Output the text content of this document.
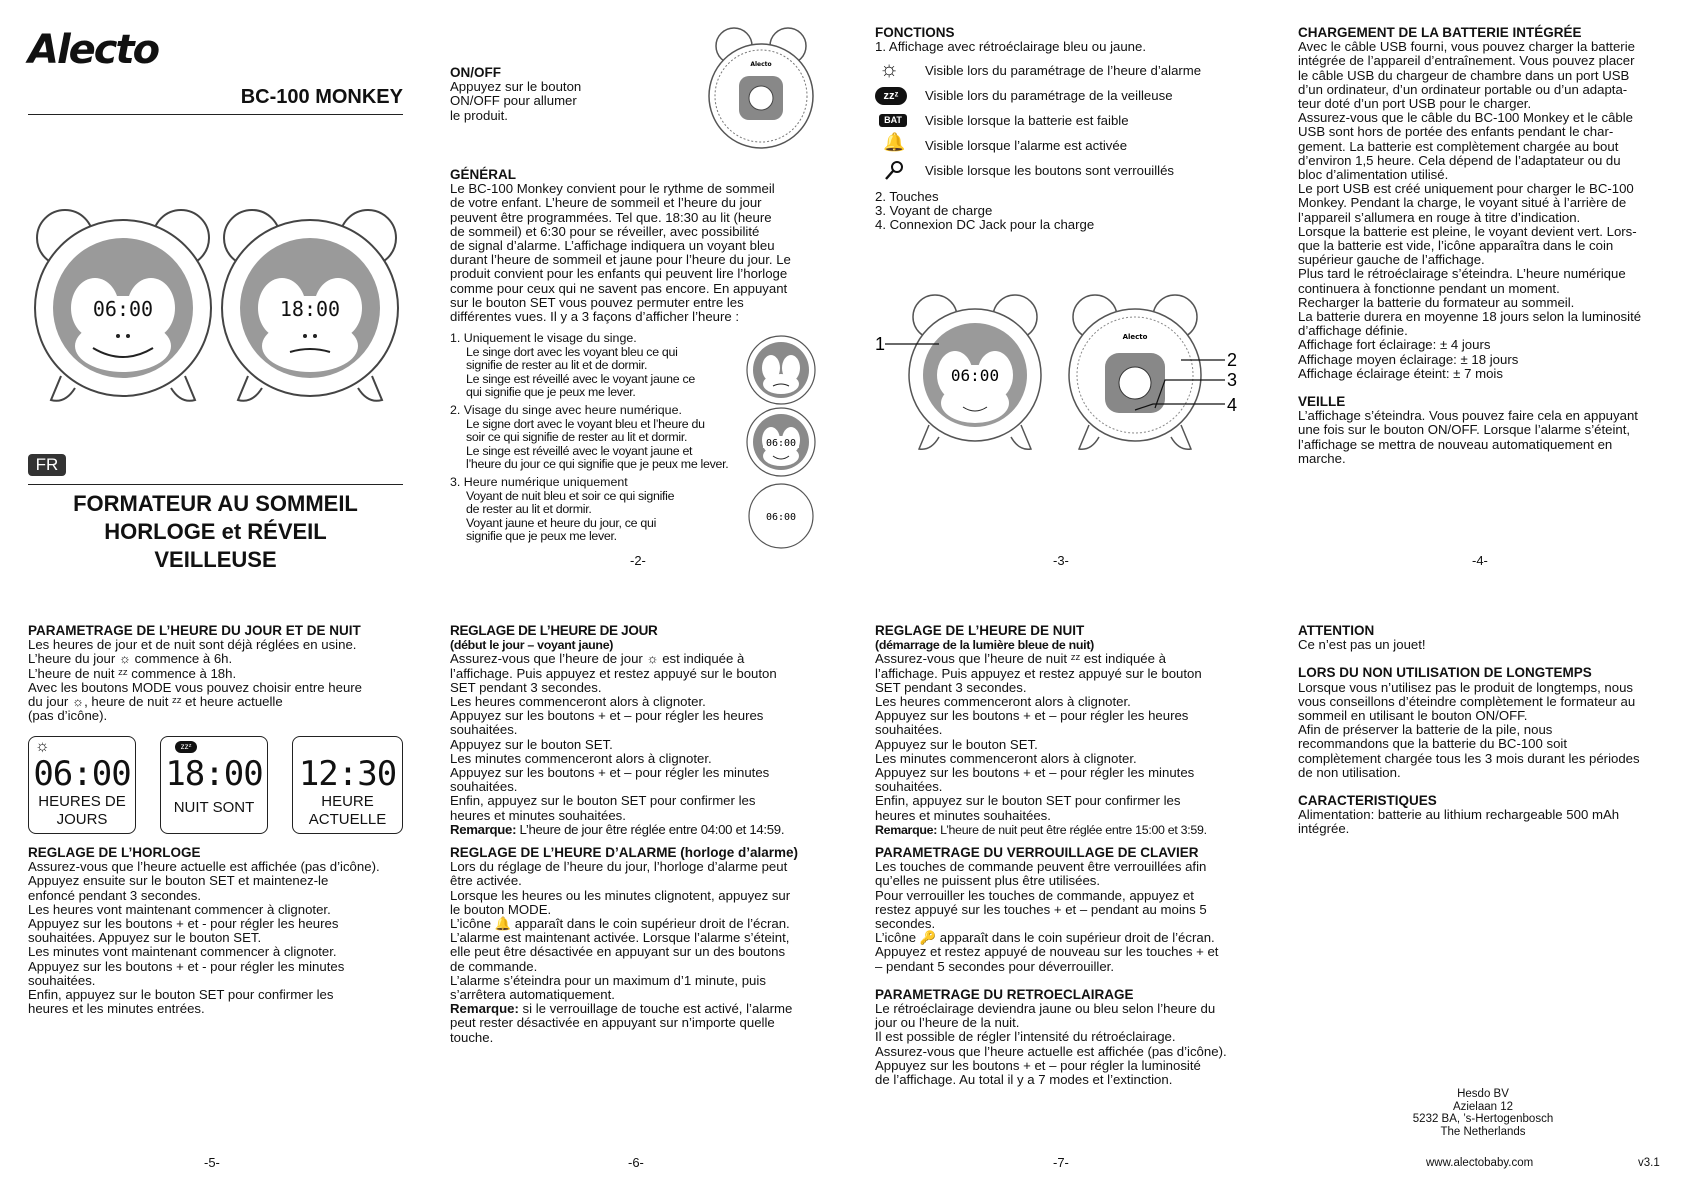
Alecto
BC-100 MONKEY
06:00	18:00
FR
FORMATEUR AU SOMMEIL
HORLOGE et RÉVEIL
VEILLEUSE
Alecto
ON/OFF
Appuyez sur le bouton
ON/OFF pour allumer
le produit.
GÉNÉRAL
Le BC-100 Monkey convient pour le rythme de sommeil
de votre enfant. L’heure de sommeil et l’heure du jour
peuvent être programmées. Tel que. 18:30 au lit (heure
de sommeil) et 6:30 pour se réveiller, avec possibilité
de signal d’alarme. L’affichage indiquera un voyant bleu
durant l’heure de sommeil et jaune pour l’heure du jour. Le
produit convient pour les enfants qui peuvent lire l’horloge
comme pour ceux qui ne savent pas encore. En appuyant
sur le bouton SET vous pouvez permuter entre les
différentes vues. Il y a 3 façons d’afficher l’heure :
1. Uniquement le visage du singe.
Le singe dort avec les voyant bleu ce qui
signifie de rester au lit et de dormir.
Le singe est réveillé avec le voyant jaune ce
qui signifie que je peux me lever.
2. Visage du singe avec heure numérique.
Le signe dort avec le voyant bleu et l’heure du
soir ce qui signifie de rester au lit et dormir.
Le singe est réveillé avec le voyant jaune et
l’heure du jour ce qui signifie que je peux me lever.
3. Heure numérique uniquement
Voyant de nuit bleu et soir ce qui signifie
de rester au lit et dormir.
Voyant jaune et heure du jour, ce qui
signifie que je peux me lever.
06:00
06:00
-2-
FONCTIONS
1. Affichage avec rétroéclairage bleu ou jaune.
☼ Visible lors du paramétrage de l’heure d’alarme
zzᶻ	Visible lors du paramétrage de la veilleuse
BAT	Visible lorsque la batterie est faible
🔔 Visible lorsque l’alarme est activée
Visible lorsque les boutons sont verrouillés
2. Touches
3. Voyant de charge
4. Connexion DC Jack pour la charge
06:00
1	Alecto
2
3
4
-3-
CHARGEMENT DE LA BATTERIE INTÉGRÉE
Avec le câble USB fourni, vous pouvez charger la batterie
intégrée de l’appareil d’entraînement. Vous pouvez placer
le câble USB du chargeur de chambre dans un port USB
d’un ordinateur, d’un ordinateur portable ou d’un adapta-
teur doté d’un port USB pour le charger.
Assurez-vous que le câble du BC-100 Monkey et le câble
USB sont hors de portée des enfants pendant le char-
gement. La batterie est complètement chargée au bout
d’environ 1,5 heure. Cela dépend de l’adaptateur ou du
bloc d’alimentation utilisé.
Le port USB est créé uniquement pour charger le BC-100
Monkey. Pendant la charge, le voyant situé à l’arrière de
l’appareil s’allumera en rouge à titre d’indication.
Lorsque la batterie est pleine, le voyant devient vert. Lors-
que la batterie est vide, l’icône apparaîtra dans le coin
supérieur gauche de l’affichage.
Plus tard le rétroéclairage s’éteindra. L’heure numérique
continuera à fonctionne pendant un moment.
Recharger la batterie du formateur au sommeil.
La batterie durera en moyenne 18 jours selon la luminosité
d’affichage définie.
Affichage fort éclairage: ± 4 jours
Affichage moyen éclairage: ± 18 jours
Affichage éclairage éteint: ± 7 mois
VEILLE
L’affichage s’éteindra. Vous pouvez faire cela en appuyant
une fois sur le bouton ON/OFF. Lorsque l’alarme s’éteint,
l’affichage se mettra de nouveau automatiquement en
marche.
-4-
PARAMETRAGE DE L’HEURE DU JOUR ET DE NUIT
Les heures de jour et de nuit sont déjà réglées en usine.
L’heure du jour ☼ commence à 6h.
L’heure de nuit ᶻᶻ commence à 18h.
Avec les boutons MODE vous pouvez choisir entre heure
du jour ☼, heure de nuit ᶻᶻ et heure actuelle
(pas d’icône).
☼
06:00
HEURES DE
JOURS
zzᶻ
18:00
NUIT SONT
12:30
HEURE
ACTUELLE
REGLAGE DE L’HORLOGE
Assurez-vous que l’heure actuelle est affichée (pas d’icône).
Appuyez ensuite sur le bouton SET et maintenez-le
enfoncé pendant 3 secondes.
Les heures vont maintenant commencer à clignoter.
Appuyez sur les boutons + et - pour régler les heures
souhaitées. Appuyez sur le bouton SET.
Les minutes vont maintenant commencer à clignoter.
Appuyez sur les boutons + et - pour régler les minutes
souhaitées.
Enfin, appuyez sur le bouton SET pour confirmer les
heures et les minutes entrées.
-5-
REGLAGE DE L’HEURE DE JOUR
(début le jour – voyant jaune)
Assurez-vous que l’heure de jour ☼ est indiquée à
l’affichage. Puis appuyez et restez appuyé sur le bouton
SET pendant 3 secondes.
Les heures commenceront alors à clignoter.
Appuyez sur les boutons + et – pour régler les heures
souhaitées.
Appuyez sur le bouton SET.
Les minutes commenceront alors à clignoter.
Appuyez sur les boutons + et – pour régler les minutes
souhaitées.
Enfin, appuyez sur le bouton SET pour confirmer les
heures et minutes souhaitées.
Remarque: L’heure de jour être réglée entre 04:00 et 14:59.
REGLAGE DE L’HEURE D’ALARME (horloge d’alarme)
Lors du réglage de l’heure du jour, l’horloge d’alarme peut
être activée.
Lorsque les heures ou les minutes clignotent, appuyez sur
le bouton MODE.
L’icône 🔔 apparaît dans le coin supérieur droit de l’écran.
L’alarme est maintenant activée. Lorsque l’alarme s’éteint,
elle peut être désactivée en appuyant sur un des boutons
de commande.
L’alarme s’éteindra pour un maximum d’1 minute, puis
s’arrêtera automatiquement.
Remarque: si le verrouillage de touche est activé, l’alarme
peut rester désactivée en appuyant sur n’importe quelle
touche.
-6-
REGLAGE DE L’HEURE DE NUIT
(démarrage de la lumière bleue de nuit)
Assurez-vous que l’heure de nuit ᶻᶻ est indiquée à
l’affichage. Puis appuyez et restez appuyé sur le bouton
SET pendant 3 secondes.
Les heures commenceront alors à clignoter.
Appuyez sur les boutons + et – pour régler les heures
souhaitées.
Appuyez sur le bouton SET.
Les minutes commenceront alors à clignoter.
Appuyez sur les boutons + et – pour régler les minutes
souhaitées.
Enfin, appuyez sur le bouton SET pour confirmer les
heures et minutes souhaitées.
Remarque: L’heure de nuit peut être réglée entre 15:00 et 3:59.
PARAMETRAGE DU VERROUILLAGE DE CLAVIER
Les touches de commande peuvent être verrouillées afin
qu’elles ne puissent plus être utilisées.
Pour verrouiller les touches de commande, appuyez et
restez appuyé sur les touches + et – pendant au moins 5
secondes.
L’icône 🔑 apparaît dans le coin supérieur droit de l’écran.
Appuyez et restez appuyé de nouveau sur les touches + et
– pendant 5 secondes pour déverrouiller.
PARAMETRAGE DU RETROECLAIRAGE
Le rétroéclairage deviendra jaune ou bleu selon l’heure du
jour ou l’heure de la nuit.
Il est possible de régler l’intensité du rétroéclairage.
Assurez-vous que l’heure actuelle est affichée (pas d’icône).
Appuyez sur les boutons + et – pour régler la luminosité
de l’affichage. Au total il y a 7 modes et l’extinction.
-7-
ATTENTION
Ce n’est pas un jouet!
LORS DU NON UTILISATION DE LONGTEMPS
Lorsque vous n’utilisez pas le produit de longtemps, nous
vous conseillons d’éteindre complètement le formateur au
sommeil en utilisant le bouton ON/OFF.
Afin de préserver la batterie de la pile, nous
recommandons que la batterie du BC-100 soit
complètement chargée tous les 3 mois durant les périodes
de non utilisation.
CARACTERISTIQUES
Alimentation: batterie au lithium rechargeable 500 mAh
intégrée.
Hesdo BV
Azielaan 12
5232 BA, ’s-Hertogenbosch
The Netherlands
www.alectobaby.com	v3.1
